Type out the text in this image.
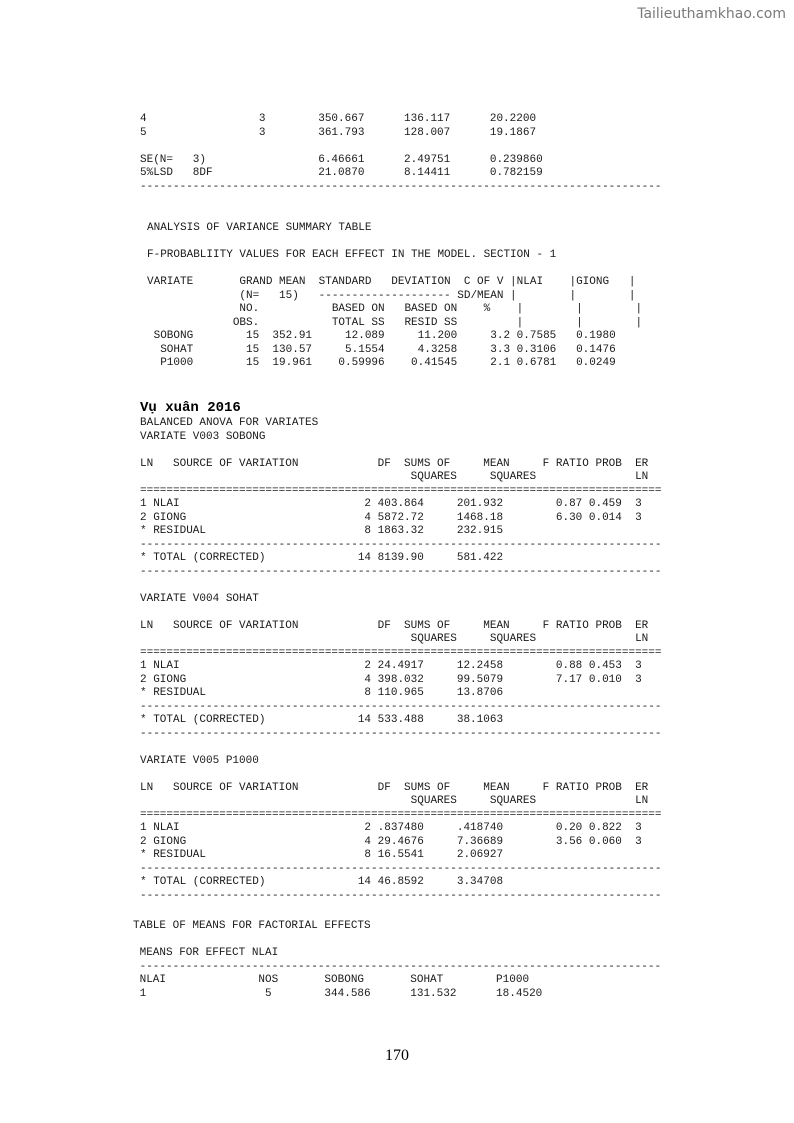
Tailieuthamkhao.com
4                 3        350.667      136.117      20.2200
5                 3        361.793      128.007      19.1867

SE(N=   3)                 6.46661      2.49751      0.239860
5%LSD   8DF                21.0870      8.14411      0.782159
-------------------------------------------------------------------------------
ANALYSIS OF VARIANCE SUMMARY TABLE

F-PROBABLIITY VALUES FOR EACH EFFECT IN THE MODEL. SECTION - 1

VARIATE       GRAND MEAN  STANDARD   DEVIATION  C OF V |NLAI    |GIONG   |
(N=   15)   -------------------- SD/MEAN |        |        |
NO.           BASED ON   BASED ON    %    |        |        |
OBS.           TOTAL SS   RESID SS         |        |        |
SOBONG        15  352.91     12.089     11.200     3.2 0.7585   0.1980
SOHAT        15  130.57     5.1554     4.3258     3.3 0.3106   0.1476
P1000        15  19.961    0.59996    0.41545     2.1 0.6781   0.0249
Vụ xuân 2016
BALANCED ANOVA FOR VARIATES
VARIATE V003 SOBONG

LN   SOURCE OF VARIATION            DF  SUMS OF     MEAN     F RATIO PROB  ER
SQUARES     SQUARES               LN
===============================================================================
1 NLAI                            2 403.864     201.932        0.87 0.459  3
2 GIONG                           4 5872.72     1468.18        6.30 0.014  3
* RESIDUAL                        8 1863.32     232.915
-------------------------------------------------------------------------------
* TOTAL (CORRECTED)              14 8139.90     581.422
-------------------------------------------------------------------------------

VARIATE V004 SOHAT

LN   SOURCE OF VARIATION            DF  SUMS OF     MEAN     F RATIO PROB  ER
SQUARES     SQUARES               LN
===============================================================================
1 NLAI                            2 24.4917     12.2458        0.88 0.453  3
2 GIONG                           4 398.032     99.5079        7.17 0.010  3
* RESIDUAL                        8 110.965     13.8706
-------------------------------------------------------------------------------
* TOTAL (CORRECTED)              14 533.488     38.1063
-------------------------------------------------------------------------------

VARIATE V005 P1000

LN   SOURCE OF VARIATION            DF  SUMS OF     MEAN     F RATIO PROB  ER
SQUARES     SQUARES               LN
===============================================================================
1 NLAI                            2 .837480     .418740        0.20 0.822  3
2 GIONG                           4 29.4676     7.36689        3.56 0.060  3
* RESIDUAL                        8 16.5541     2.06927
-------------------------------------------------------------------------------
* TOTAL (CORRECTED)              14 46.8592     3.34708
-------------------------------------------------------------------------------
TABLE OF MEANS FOR FACTORIAL EFFECTS

MEANS FOR EFFECT NLAI
-------------------------------------------------------------------------------
NLAI              NOS       SOBONG       SOHAT        P1000
1                  5        344.586      131.532      18.4520
170
